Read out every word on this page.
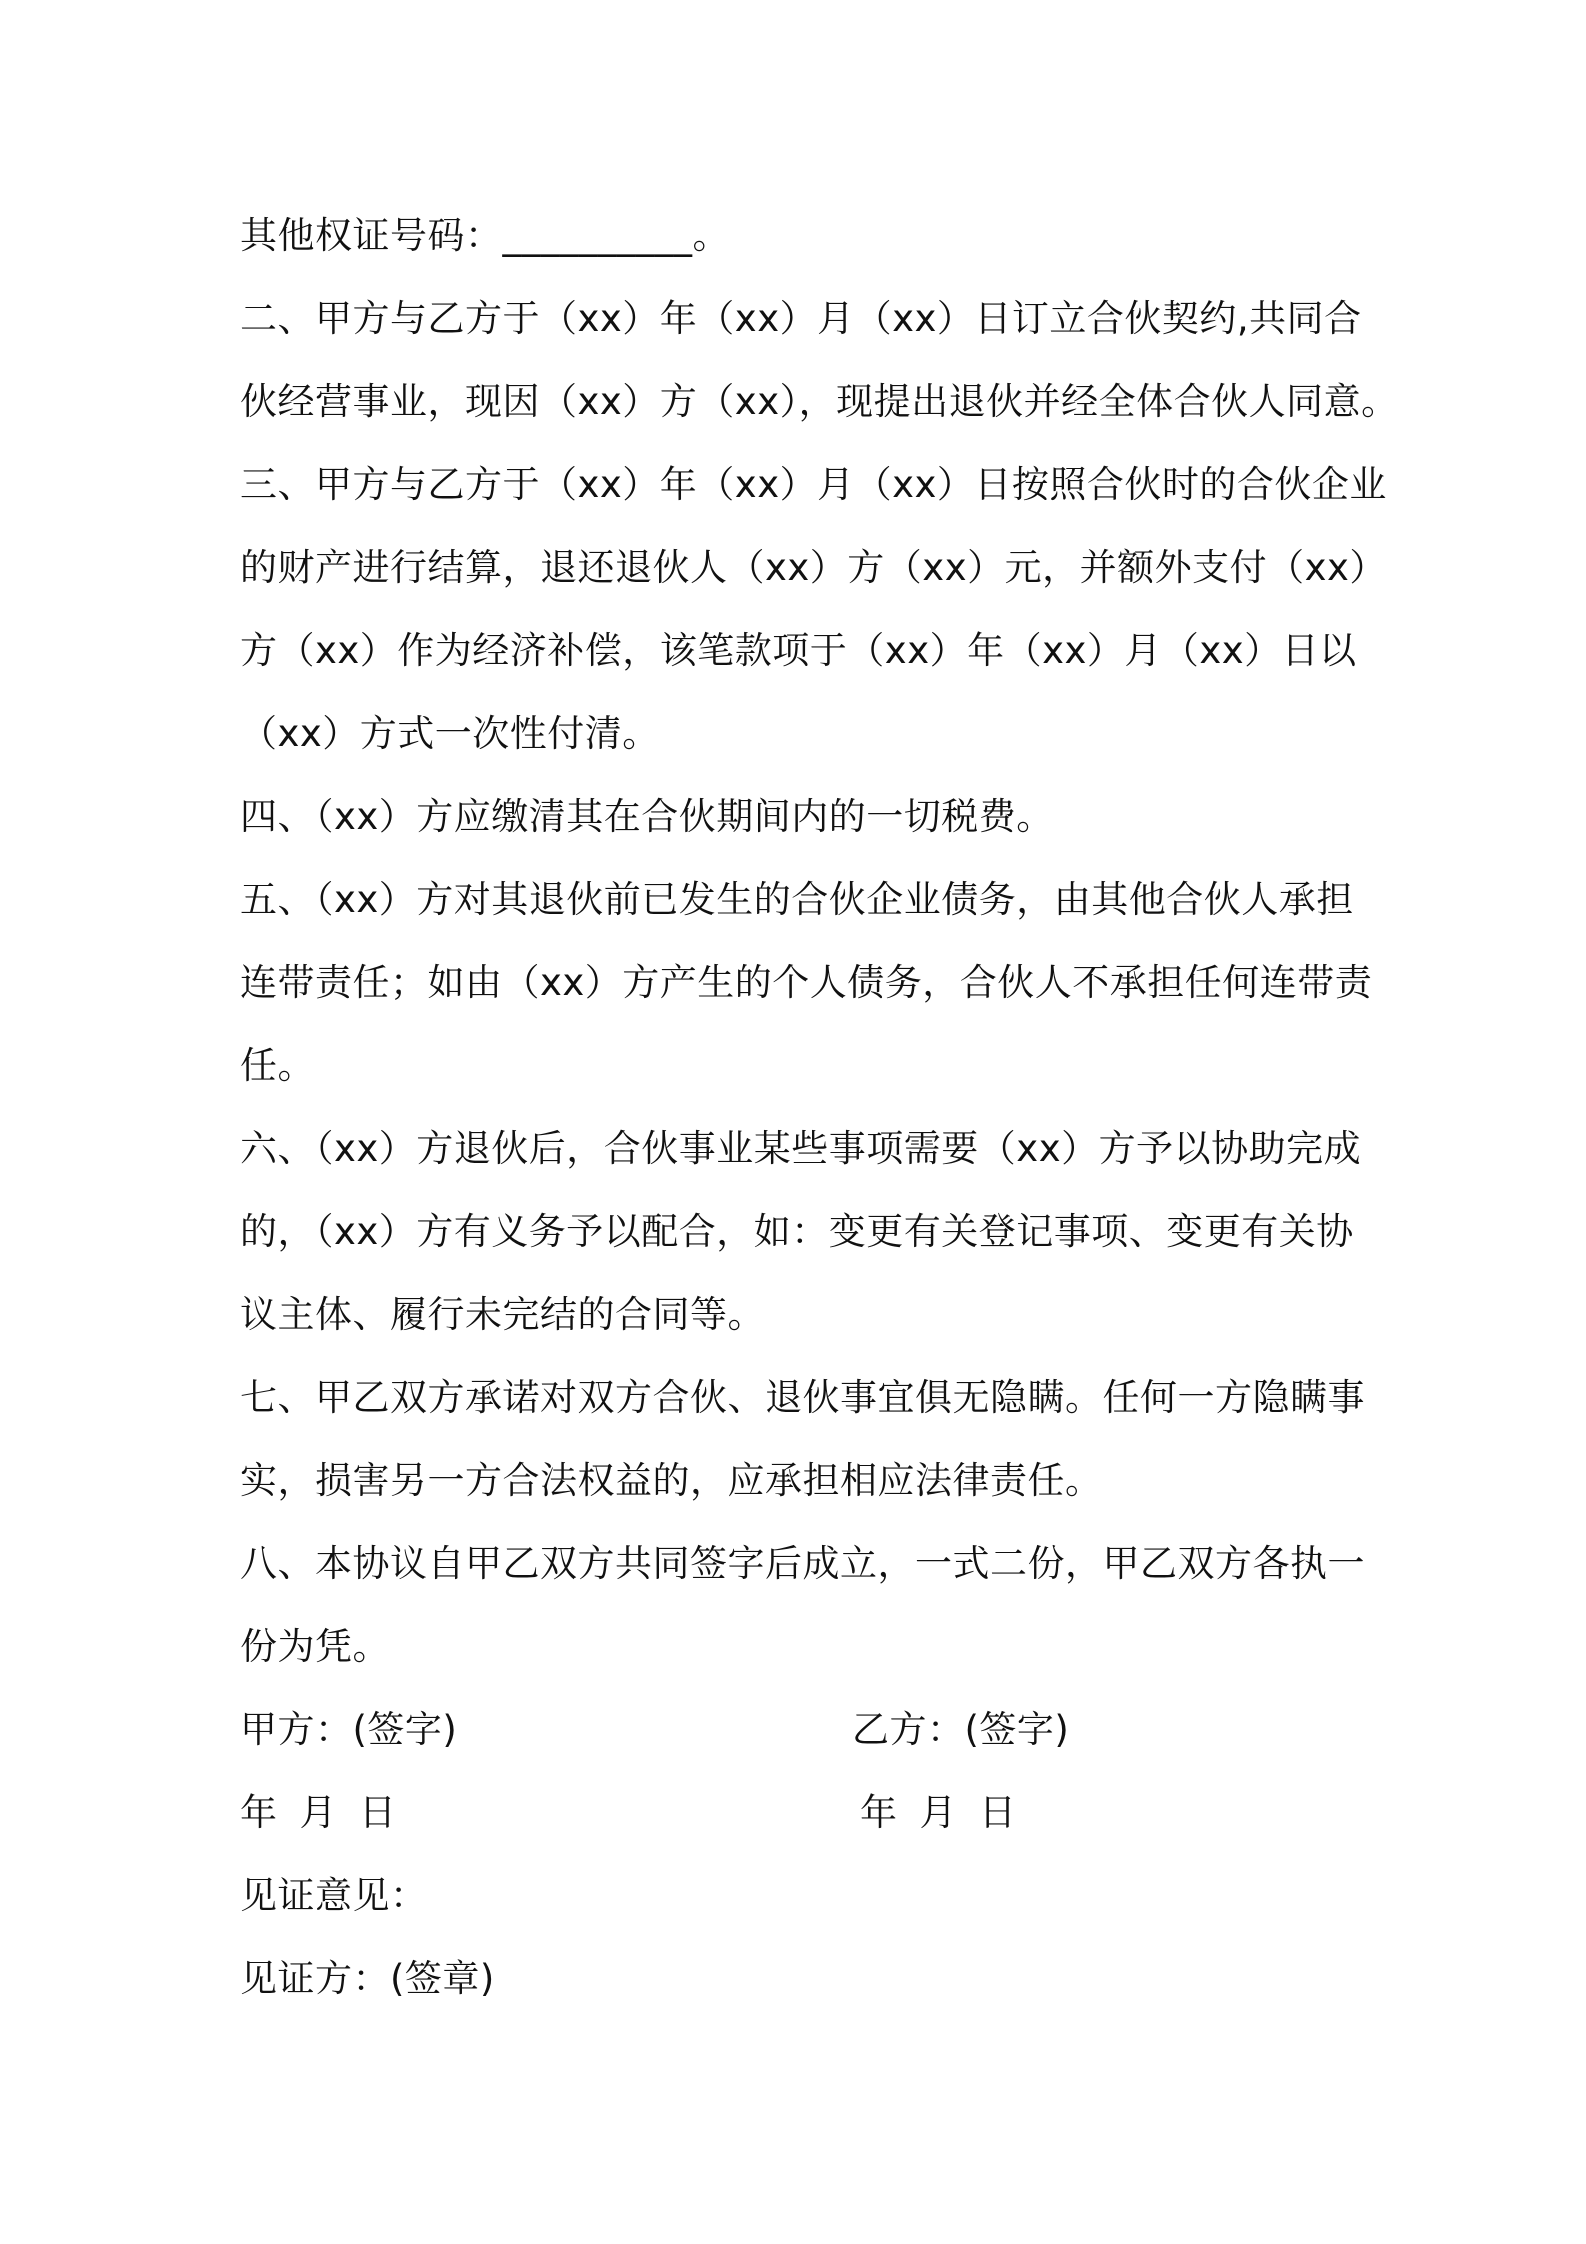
其他权证号码：__________。
二、甲方与乙方于（xx）年（xx）月（xx）日订立合伙契约,共同合
伙经营事业，现因（xx）方（xx），现提出退伙并经全体合伙人同意。
三、甲方与乙方于（xx）年（xx）月（xx）日按照合伙时的合伙企业
的财产进行结算，退还退伙人（xx）方（xx）元，并额外支付（xx）
方（xx）作为经济补偿，该笔款项于（xx）年（xx）月（xx）日以
（xx）方式一次性付清。
四、（xx）方应缴清其在合伙期间内的一切税费。
五、（xx）方对其退伙前已发生的合伙企业债务，由其他合伙人承担
连带责任；如由（xx）方产生的个人债务，合伙人不承担任何连带责
任。
六、（xx）方退伙后，合伙事业某些事项需要（xx）方予以协助完成
的，（xx）方有义务予以配合，如：变更有关登记事项、变更有关协
议主体、履行未完结的合同等。
七、甲乙双方承诺对双方合伙、退伙事宜俱无隐瞒。任何一方隐瞒事
实，损害另一方合法权益的，应承担相应法律责任。
八、本协议自甲乙双方共同签字后成立，一式二份，甲乙双方各执一
份为凭。
甲方：(签字)	乙方：(签字)
年 月 日	年 月 日
见证意见：
见证方：(签章)
